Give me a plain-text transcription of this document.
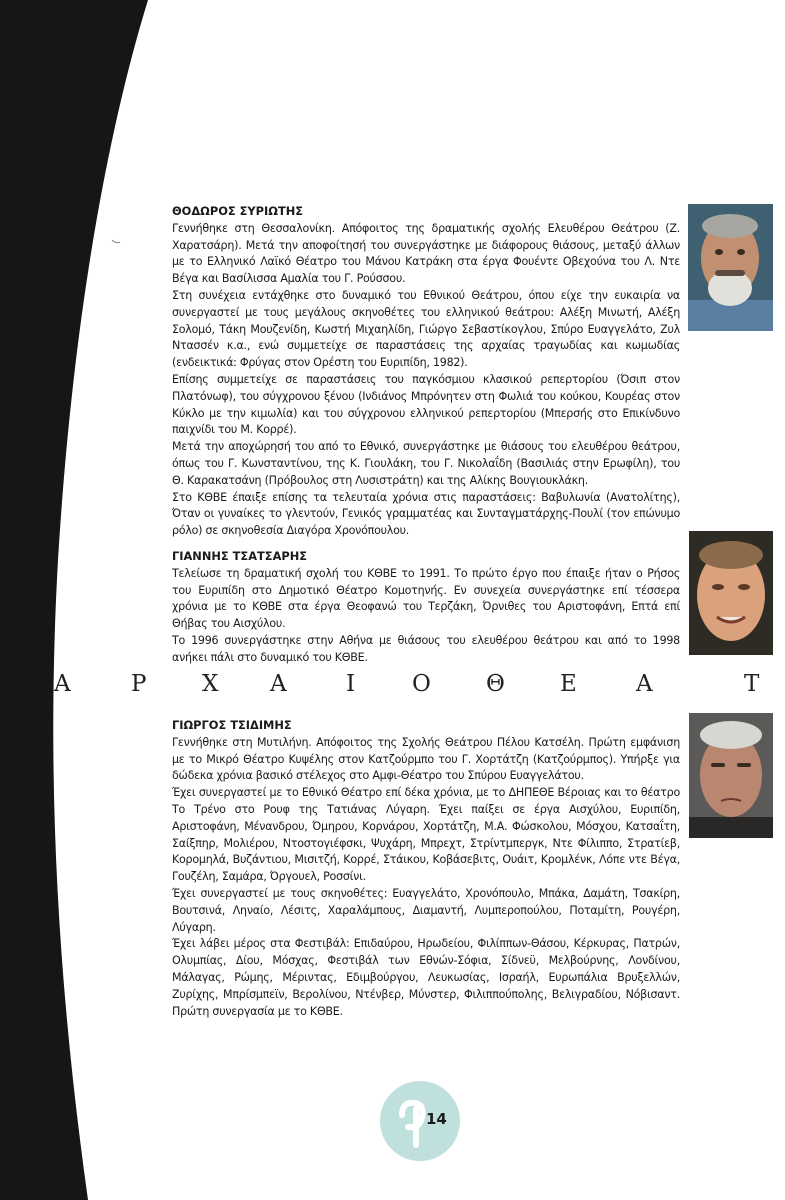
ΘΟΔΩΡΟΣ ΣΥΡΙΩΤΗΣ

Γεννήθηκε στη Θεσσαλονίκη. Απόφοιτος της δραματικής σχολής Ελευθέρου Θεάτρου (Ζ. Χαρατσάρη). Μετά την αποφοίτησή του συνεργάστηκε με διάφορους θιάσους, μεταξύ άλλων με το Ελληνικό Λαϊκό Θέατρο του Μάνου Κατράκη στα έργα Φουέντε Οβεχούνα του Λ. Ντε Βέγα και Βασίλισσα Αμαλία του Γ. Ρούσσου.

Στη συνέχεια εντάχθηκε στο δυναμικό του Εθνικού Θεάτρου, όπου είχε την ευκαιρία να συνεργαστεί με τους μεγάλους σκηνοθέτες του ελληνικού θεάτρου: Αλέξη Μινωτή, Αλέξη Σολομό, Τάκη Μουζενίδη, Κωστή Μιχαηλίδη, Γιώργο Σεβαστίκογλου, Σπύρο Ευαγγελάτο, Ζυλ Ντασσέν κ.α., ενώ συμμετείχε σε παραστάσεις της αρχαίας τραγωδίας και κωμωδίας (ενδεικτικά: Φρύγας στον Ορέστη του Ευριπίδη, 1982).

Επίσης συμμετείχε σε παραστάσεις του παγκόσμιου κλασικού ρεπερτορίου (Όσιπ στον Πλατόνωφ), του σύγχρονου ξένου (Ινδιάνος Μπρόνητεν στη Φωλιά του κούκου, Κουρέας στον Κύκλο με την κιμωλία) και του σύγχρονου ελληνικού ρεπερτορίου (Μπερσής στο Επικίνδυνο παιχνίδι του Μ. Κορρέ).

Μετά την αποχώρησή του από το Εθνικό, συνεργάστηκε με θιάσους του ελευθέρου θεάτρου, όπως του Γ. Κωνσταντίνου, της Κ. Γιουλάκη, του Γ. Νικολαΐδη (Βασιλιάς στην Ερωφίλη), του Θ. Καρακατσάνη (Πρόβουλος στη Λυσιστράτη) και της Αλίκης Βουγιουκλάκη.

Στο ΚΘΒΕ έπαιξε επίσης τα τελευταία χρόνια στις παραστάσεις: Βαβυλωνία (Ανατολίτης), Όταν οι γυναίκες το γλεντούν, Γενικός γραμματέας και Συνταγματάρχης-Πουλί (τον επώνυμο ρόλο) σε σκηνοθεσία Διαγόρα Χρονόπουλου.

ΓΙΑΝΝΗΣ ΤΣΑΤΣΑΡΗΣ

Τελείωσε τη δραματική σχολή του ΚΘΒΕ το 1991. Το πρώτο έργο που έπαιξε ήταν ο Ρήσος του Ευριπίδη στο Δημοτικό Θέατρο Κομοτηνής. Εν συνεχεία συνεργάστηκε επί τέσσερα χρόνια με το ΚΘΒΕ στα έργα Θεοφανώ του Τερζάκη, Όρνιθες του Αριστοφάνη, Επτά επί Θήβας του Αισχύλου.

Το 1996 συνεργάστηκε στην Αθήνα με θιάσους του ελευθέρου θεάτρου και από το 1998 ανήκει πάλι στο δυναμικό του ΚΘΒΕ.

Α	Ρ Χ Α	Ι Ο Θ Ε	Α	Τ
ΓΙΩΡΓΟΣ ΤΣΙΔΙΜΗΣ

Γεννήθηκε στη Μυτιλήνη. Απόφοιτος της Σχολής Θεάτρου Πέλου Κατσέλη. Πρώτη εμφάνιση με το Μικρό Θέατρο Κυψέλης στον Κατζούρμπο του Γ. Χορτάτζη (Κατζούρμπος). Υπήρξε για δώδεκα χρόνια βασικό στέλεχος στο Αμφι-Θέατρο του Σπύρου Ευαγγελάτου.

Έχει συνεργαστεί με το Εθνικό Θέατρο επί δέκα χρόνια, με το ΔΗΠΕΘΕ Βέροιας και το θέατρο Το Τρένο στο Ρουφ της Τατιάνας Λύγαρη. Έχει παίξει σε έργα Αισχύλου, Ευριπίδη, Αριστοφάνη, Μένανδρου, Όμηρου, Κορνάρου, Χορτάτζη, Μ.Α. Φώσκολου, Μόσχου, Κατσαΐτη, Σαίξπηρ, Μολιέρου, Ντοστογιέφσκι, Ψυχάρη, Μπρεχτ, Στρίντμπεργκ, Ντε Φίλιππο, Στρατίεβ, Κορομηλά, Βυζάντιου, Μισιτζή, Κορρέ, Στάικου, Κοβάσεβιτς, Ουάιτ, Κρομλένκ, Λόπε ντε Βέγα, Γουζέλη, Σαμάρα, Όργουελ, Ροσσίνι.

Έχει συνεργαστεί με τους σκηνοθέτες: Ευαγγελάτο, Χρονόπουλο, Μπάκα, Δαμάτη, Τσακίρη, Βουτσινά, Ληναίο, Λέσιτς, Χαραλάμπους, Διαμαντή, Λυμπεροπούλου, Ποταμίτη, Ρουγέρη, Λύγαρη.

Έχει λάβει μέρος στα Φεστιβάλ: Επιδαύρου, Ηρωδείου, Φιλίππων-Θάσου, Κέρκυρας, Πατρών, Ολυμπίας, Δίου, Μόσχας, Φεστιβάλ των Εθνών-Σόφια, Σίδνεϋ, Μελβούρνης, Λονδίνου, Μάλαγας, Ρώμης, Μέριντας, Εδιμβούργου, Λευκωσίας, Ισραήλ, Ευρωπάλια Βρυξελλών, Ζυρίχης, Μπρίσμπεϊν, Βερολίνου, Ντένβερ, Μύνστερ, Φιλιππούπολης, Βελιγραδίου, Νόβισαντ. Πρώτη συνεργασία με το ΚΘΒΕ.

14
